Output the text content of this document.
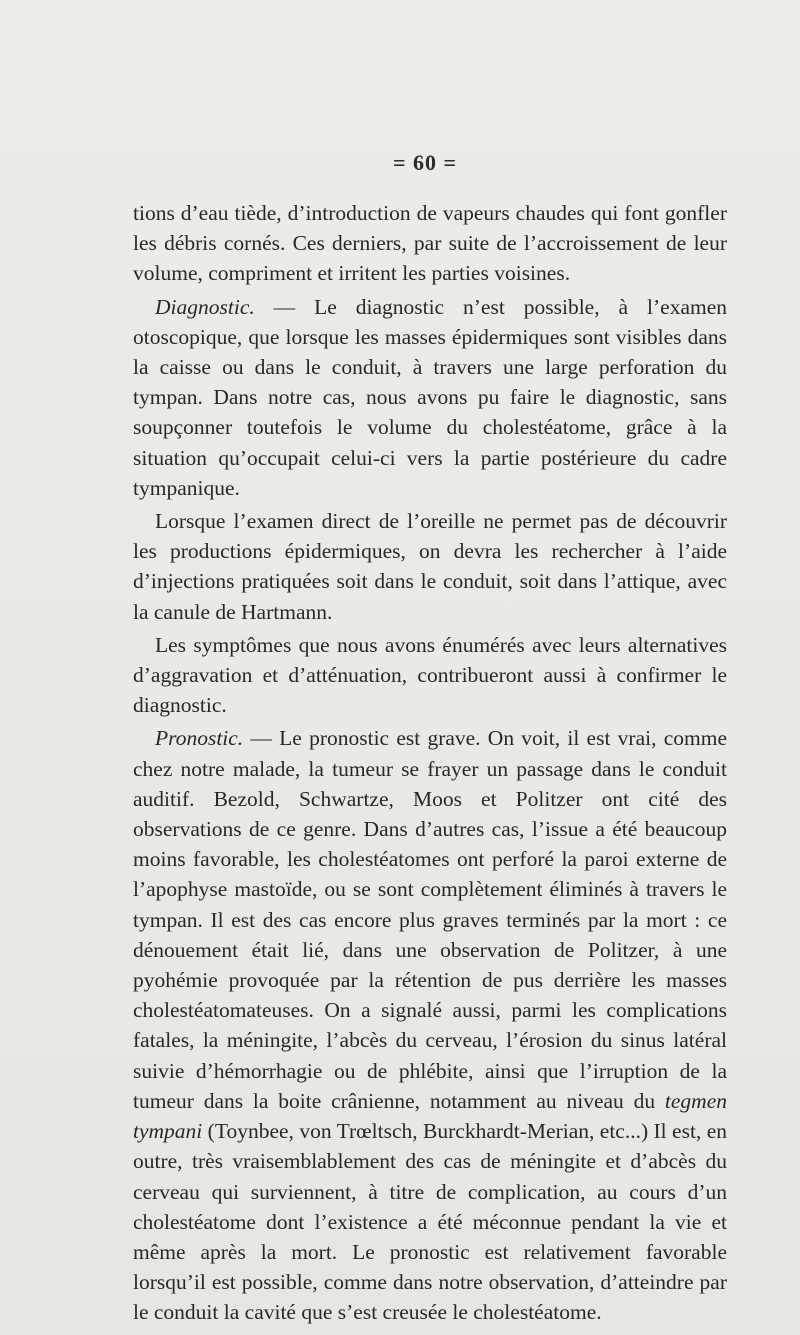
= 60 =

tions d’eau tiède, d’introduction de vapeurs chaudes qui font gonfler les débris cornés. Ces derniers, par suite de l’accroissement de leur volume, compriment et irritent les parties voisines.

Diagnostic. — Le diagnostic n’est possible, à l’examen otoscopique, que lorsque les masses épidermiques sont visibles dans la caisse ou dans le conduit, à travers une large perforation du tympan. Dans notre cas, nous avons pu faire le diagnostic, sans soupçonner toutefois le volume du cholestéatome, grâce à la situation qu’occupait celui-ci vers la partie postérieure du cadre tympanique.

Lorsque l’examen direct de l’oreille ne permet pas de découvrir les productions épidermiques, on devra les rechercher à l’aide d’injections pratiquées soit dans le conduit, soit dans l’attique, avec la canule de Hartmann.

Les symptômes que nous avons énumérés avec leurs alternatives d’aggravation et d’atténuation, contribueront aussi à confirmer le diagnostic.

Pronostic. — Le pronostic est grave. On voit, il est vrai, comme chez notre malade, la tumeur se frayer un passage dans le conduit auditif. Bezold, Schwartze, Moos et Politzer ont cité des observations de ce genre. Dans d’autres cas, l’issue a été beaucoup moins favorable, les cholestéatomes ont perforé la paroi externe de l’apophyse mastoïde, ou se sont complètement éliminés à travers le tympan. Il est des cas encore plus graves terminés par la mort : ce dénouement était lié, dans une observation de Politzer, à une pyohémie provoquée par la rétention de pus derrière les masses cholestéatomateuses. On a signalé aussi, parmi les complications fatales, la méningite, l’abcès du cerveau, l’érosion du sinus latéral suivie d’hémorrhagie ou de phlébite, ainsi que l’irruption de la tumeur dans la boite crânienne, notamment au niveau du tegmen tympani (Toynbee, von Trœltsch, Burckhardt-Merian, etc...) Il est, en outre, très vraisemblablement des cas de méningite et d’abcès du cerveau qui surviennent, à titre de complication, au cours d’un cholestéatome dont l’existence a été méconnue pendant la vie et même après la mort. Le pronostic est relativement favorable lorsqu’il est possible, comme dans notre observation, d’atteindre par le conduit la cavité que s’est creusée le cholestéatome.
